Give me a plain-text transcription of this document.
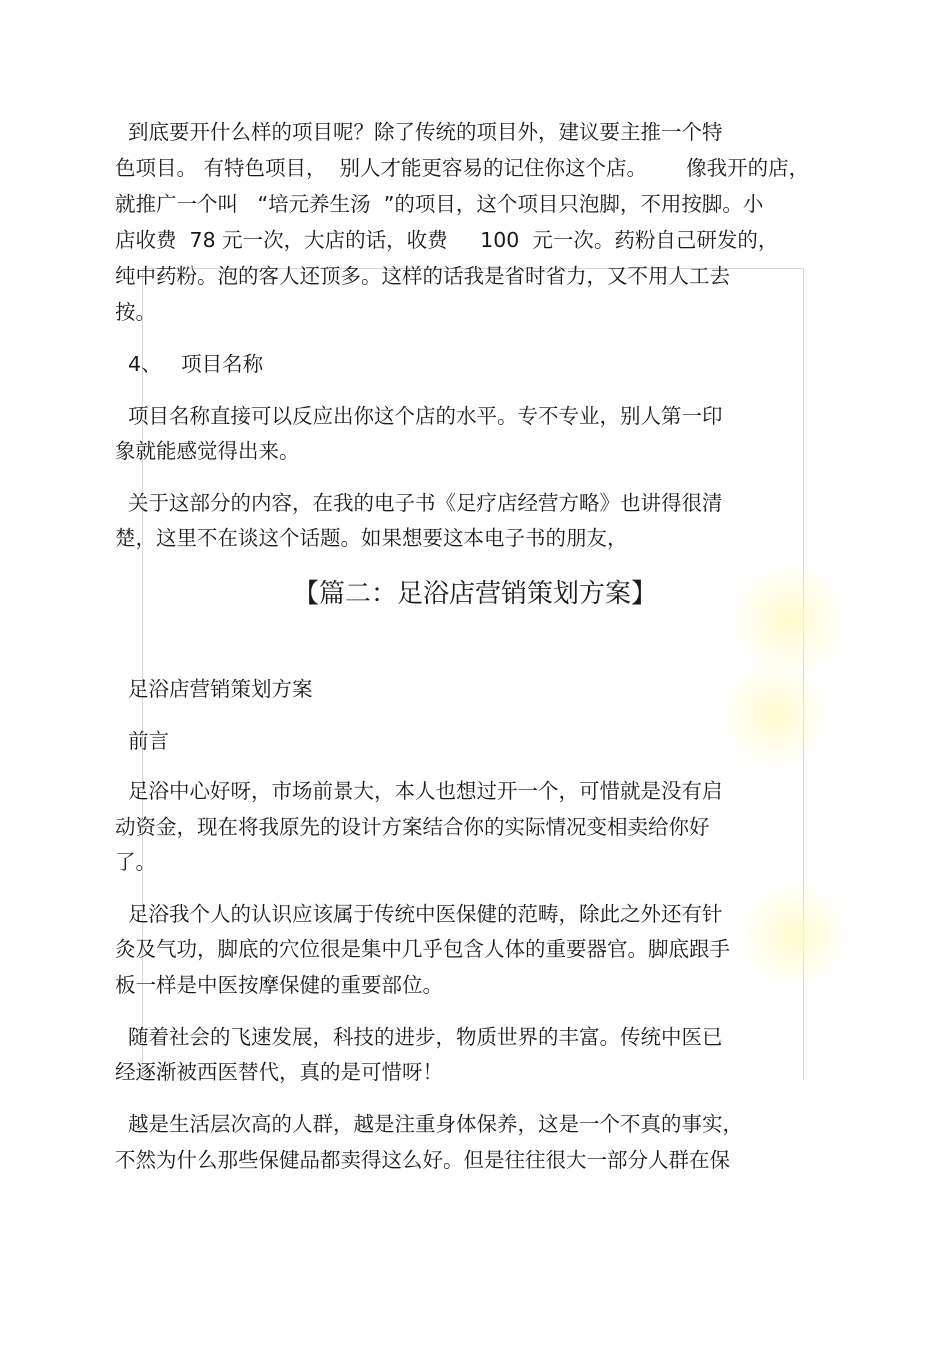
到底要开什么样的项目呢？除了传统的项目外，建议要主推一个特
色项目。 有特色项目，  别人才能更容易的记住你这个店。      像我开的店，
就推广一个叫   “培元养生汤  ”的项目，这个项目只泡脚，不用按脚。小
店收费  78 元一次，大店的话，收费     100  元一次。药粉自己研发的，
纯中药粉。泡的客人还顶多。这样的话我是省时省力，又不用人工去
按。
4、   项目名称
项目名称直接可以反应出你这个店的水平。专不专业，别人第一印
象就能感觉得出来。
关于这部分的内容，在我的电子书《足疗店经营方略》也讲得很清
楚，这里不在谈这个话题。如果想要这本电子书的朋友，
【篇二：足浴店营销策划方案】
足浴店营销策划方案
前言
足浴中心好呀，市场前景大，本人也想过开一个，可惜就是没有启
动资金，现在将我原先的设计方案结合你的实际情况变相卖给你好
了。
足浴我个人的认识应该属于传统中医保健的范畴，除此之外还有针
灸及气功，脚底的穴位很是集中几乎包含人体的重要器官。脚底跟手
板一样是中医按摩保健的重要部位。
随着社会的飞速发展，科技的进步，物质世界的丰富。传统中医已
经逐渐被西医替代，真的是可惜呀！
越是生活层次高的人群，越是注重身体保养，这是一个不真的事实，
不然为什么那些保健品都卖得这么好。但是往往很大一部分人群在保
